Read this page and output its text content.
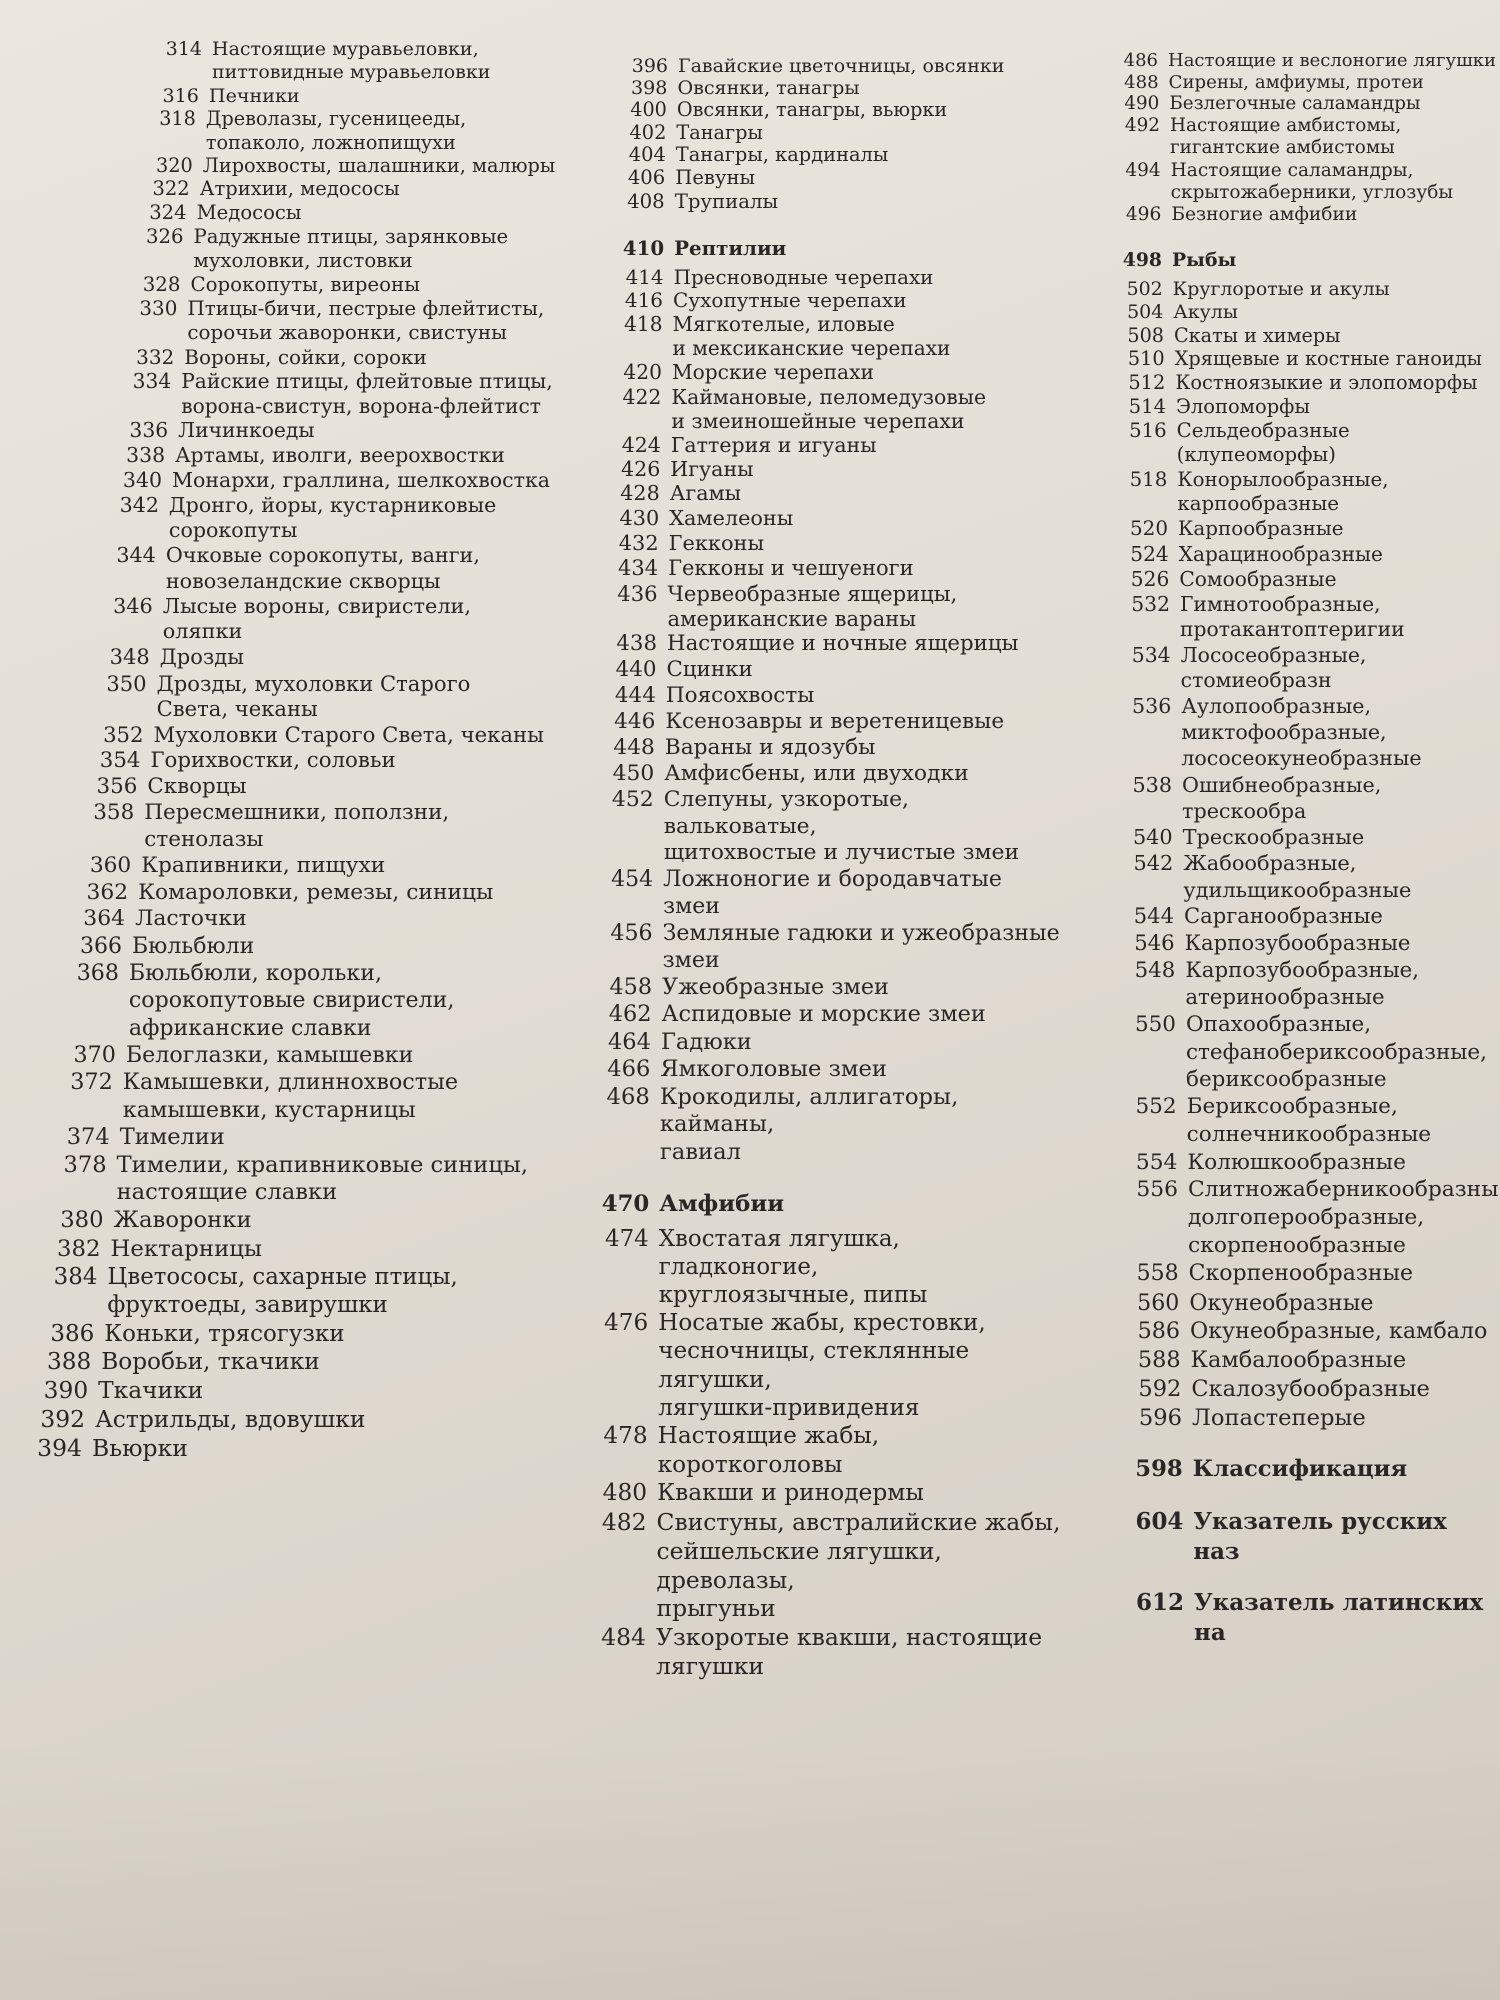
314 Настоящие муравьеловки,
питтовидные муравьеловки
316 Печники
318 Древолазы, гусеницееды,
топаколо, ложнопищухи
320 Лирохвосты, шалашники, малюры
322 Атрихии, медососы
324 Медососы
326 Радужные птицы, зарянковые
мухоловки, листовки
328 Сорокопуты, виреоны
330 Птицы-бичи, пестрые флейтисты,
сорочьи жаворонки, свистуны
332 Вороны, сойки, сороки
334 Райские птицы, флейтовые птицы,
ворона-свистун, ворона-флейтист
336 Личинкоеды
338 Артамы, иволги, веерохвостки
340 Монархи, граллина, шелкохвостка
342 Дронго, йоры, кустарниковые
сорокопуты
344 Очковые сорокопуты, ванги,
новозеландские скворцы
346 Лысые вороны, свиристели,
оляпки
348 Дрозды
350 Дрозды, мухоловки Старого
Света, чеканы
352 Мухоловки Старого Света, чеканы
354 Горихвостки, соловьи
356 Скворцы
358 Пересмешники, поползни,
стенолазы
360 Крапивники, пищухи
362 Комароловки, ремезы, синицы
364 Ласточки
366 Бюльбюли
368 Бюльбюли, корольки,
сорокопутовые свиристели,
африканские славки
370 Белоглазки, камышевки
372 Камышевки, длиннохвостые
камышевки, кустарницы
374 Тимелии
378 Тимелии, крапивниковые синицы,
настоящие славки
380 Жаворонки
382 Нектарницы
384 Цветососы, сахарные птицы,
фруктоеды, завирушки
386 Коньки, трясогузки
388 Воробьи, ткачики
390 Ткачики
392 Астрильды, вдовушки
394 Вьюрки
396 Гавайские цветочницы, овсянки
398 Овсянки, танагры
400 Овсянки, танагры, вьюрки
402 Танагры
404 Танагры, кардиналы
406 Певуны
408 Трупиалы
410 Рептилии
414 Пресноводные черепахи
416 Сухопутные черепахи
418 Мягкотелые, иловые
и мексиканские черепахи
420 Морские черепахи
422 Каймановые, пеломедузовые
и змеиношейные черепахи
424 Гаттерия и игуаны
426 Игуаны
428 Агамы
430 Хамелеоны
432 Гекконы
434 Гекконы и чешуеноги
436 Червеобразные ящерицы,
американские вараны
438 Настоящие и ночные ящерицы
440 Сцинки
444 Поясохвосты
446 Ксенозавры и веретеницевые
448 Вараны и ядозубы
450 Амфисбены, или двуходки
452 Слепуны, узкоротые, вальковатые,
щитохвостые и лучистые змеи
454 Ложноногие и бородавчатые змеи
456 Земляные гадюки и ужеобразные
змеи
458 Ужеобразные змеи
462 Аспидовые и морские змеи
464 Гадюки
466 Ямкоголовые змеи
468 Крокодилы, аллигаторы, кайманы,
гавиал
470 Амфибии
474 Хвостатая лягушка, гладконогие,
круглоязычные, пипы
476 Носатые жабы, крестовки,
чесночницы, стеклянные лягушки,
лягушки-привидения
478 Настоящие жабы, короткоголовы
480 Квакши и ринодермы
482 Свистуны, австралийские жабы,
сейшельские лягушки, древолазы,
прыгуньи
484 Узкоротые квакши, настоящие
лягушки
486 Настоящие и веслоногие лягушки
488 Сирены, амфиумы, протеи
490 Безлегочные саламандры
492 Настоящие амбистомы,
гигантские амбистомы
494 Настоящие саламандры,
скрытожаберники, углозубы
496 Безногие амфибии
498 Рыбы
502 Круглоротые и акулы
504 Акулы
508 Скаты и химеры
510 Хрящевые и костные ганоиды
512 Костноязыкие и элопоморфы
514 Элопоморфы
516 Сельдеобразные (клупеоморфы)
518 Конорылообразные,
карпообразные
520 Карпообразные
524 Харацинообразные
526 Сомообразные
532 Гимнотообразные,
протакантоптеригии
534 Лососеобразные, стомиеобразн
536 Аулопообразные,
миктофообразные,
лососеокунеобразные
538 Ошибнеобразные, трескообра
540 Трескообразные
542 Жабообразные,
удильщикообразные
544 Сарганообразные
546 Карпозубообразные
548 Карпозубообразные,
атеринообразные
550 Опахообразные,
стефанобериксообразные,
бериксообразные
552 Бериксообразные,
солнечникообразные
554 Колюшкообразные
556 Слитножаберникообразны
долгопероoбразные,
скорпенообразные
558 Скорпенообразные
560 Окунеобразные
586 Окунеобразные, камбало
588 Камбалообразные
592 Скалозубообразные
596 Лопастеперые
598 Классификация
604 Указатель русских наз
612 Указатель латинских на
